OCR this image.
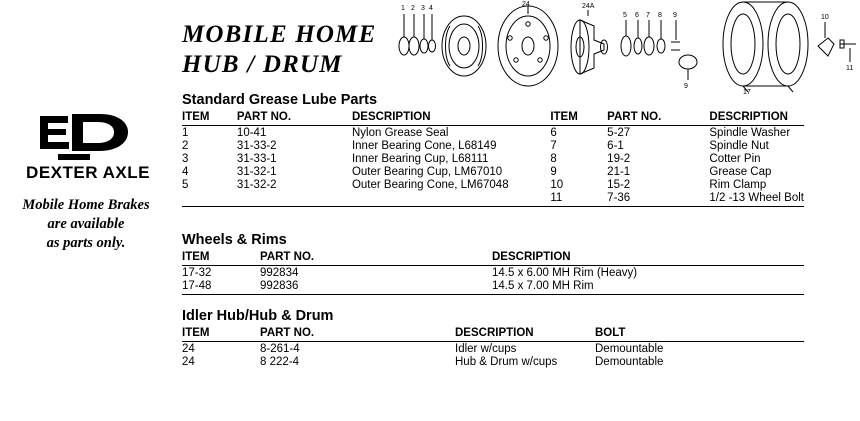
DEXTER AXLE
Mobile Home Brakes
are available
as parts only.
MOBILE HOME
HUB / DRUM
1 2 3 4
24	24A
5 6 7 8 9
9
10
11
17
Standard Grease Lube Parts
ITEM	PART NO.	DESCRIPTION	ITEM	PART NO.	DESCRIPTION
1	10-41	Nylon Grease Seal	6	5-27	Spindle Washer
2	31-33-2	Inner Bearing Cone, L68149	7	6-1	Spindle Nut
3	31-33-1	Inner Bearing Cup, L68111	8	19-2	Cotter Pin
4	31-32-1	Outer Bearing Cup, LM67010	9	21-1	Grease Cap
5	31-32-2	Outer Bearing Cone, LM67048	10	15-2	Rim Clamp
			11	7-36	1/2 -13 Wheel Bolt
Wheels & Rims
ITEM	PART NO.	DESCRIPTION
17-32	992834	14.5 x 6.00 MH Rim (Heavy)
17-48	992836	14.5 x 7.00 MH Rim
Idler Hub/Hub & Drum
ITEM	PART NO.	DESCRIPTION	BOLT
24	8-261-4	Idler w/cups	Demountable
24	8 222-4	Hub & Drum w/cups	Demountable
